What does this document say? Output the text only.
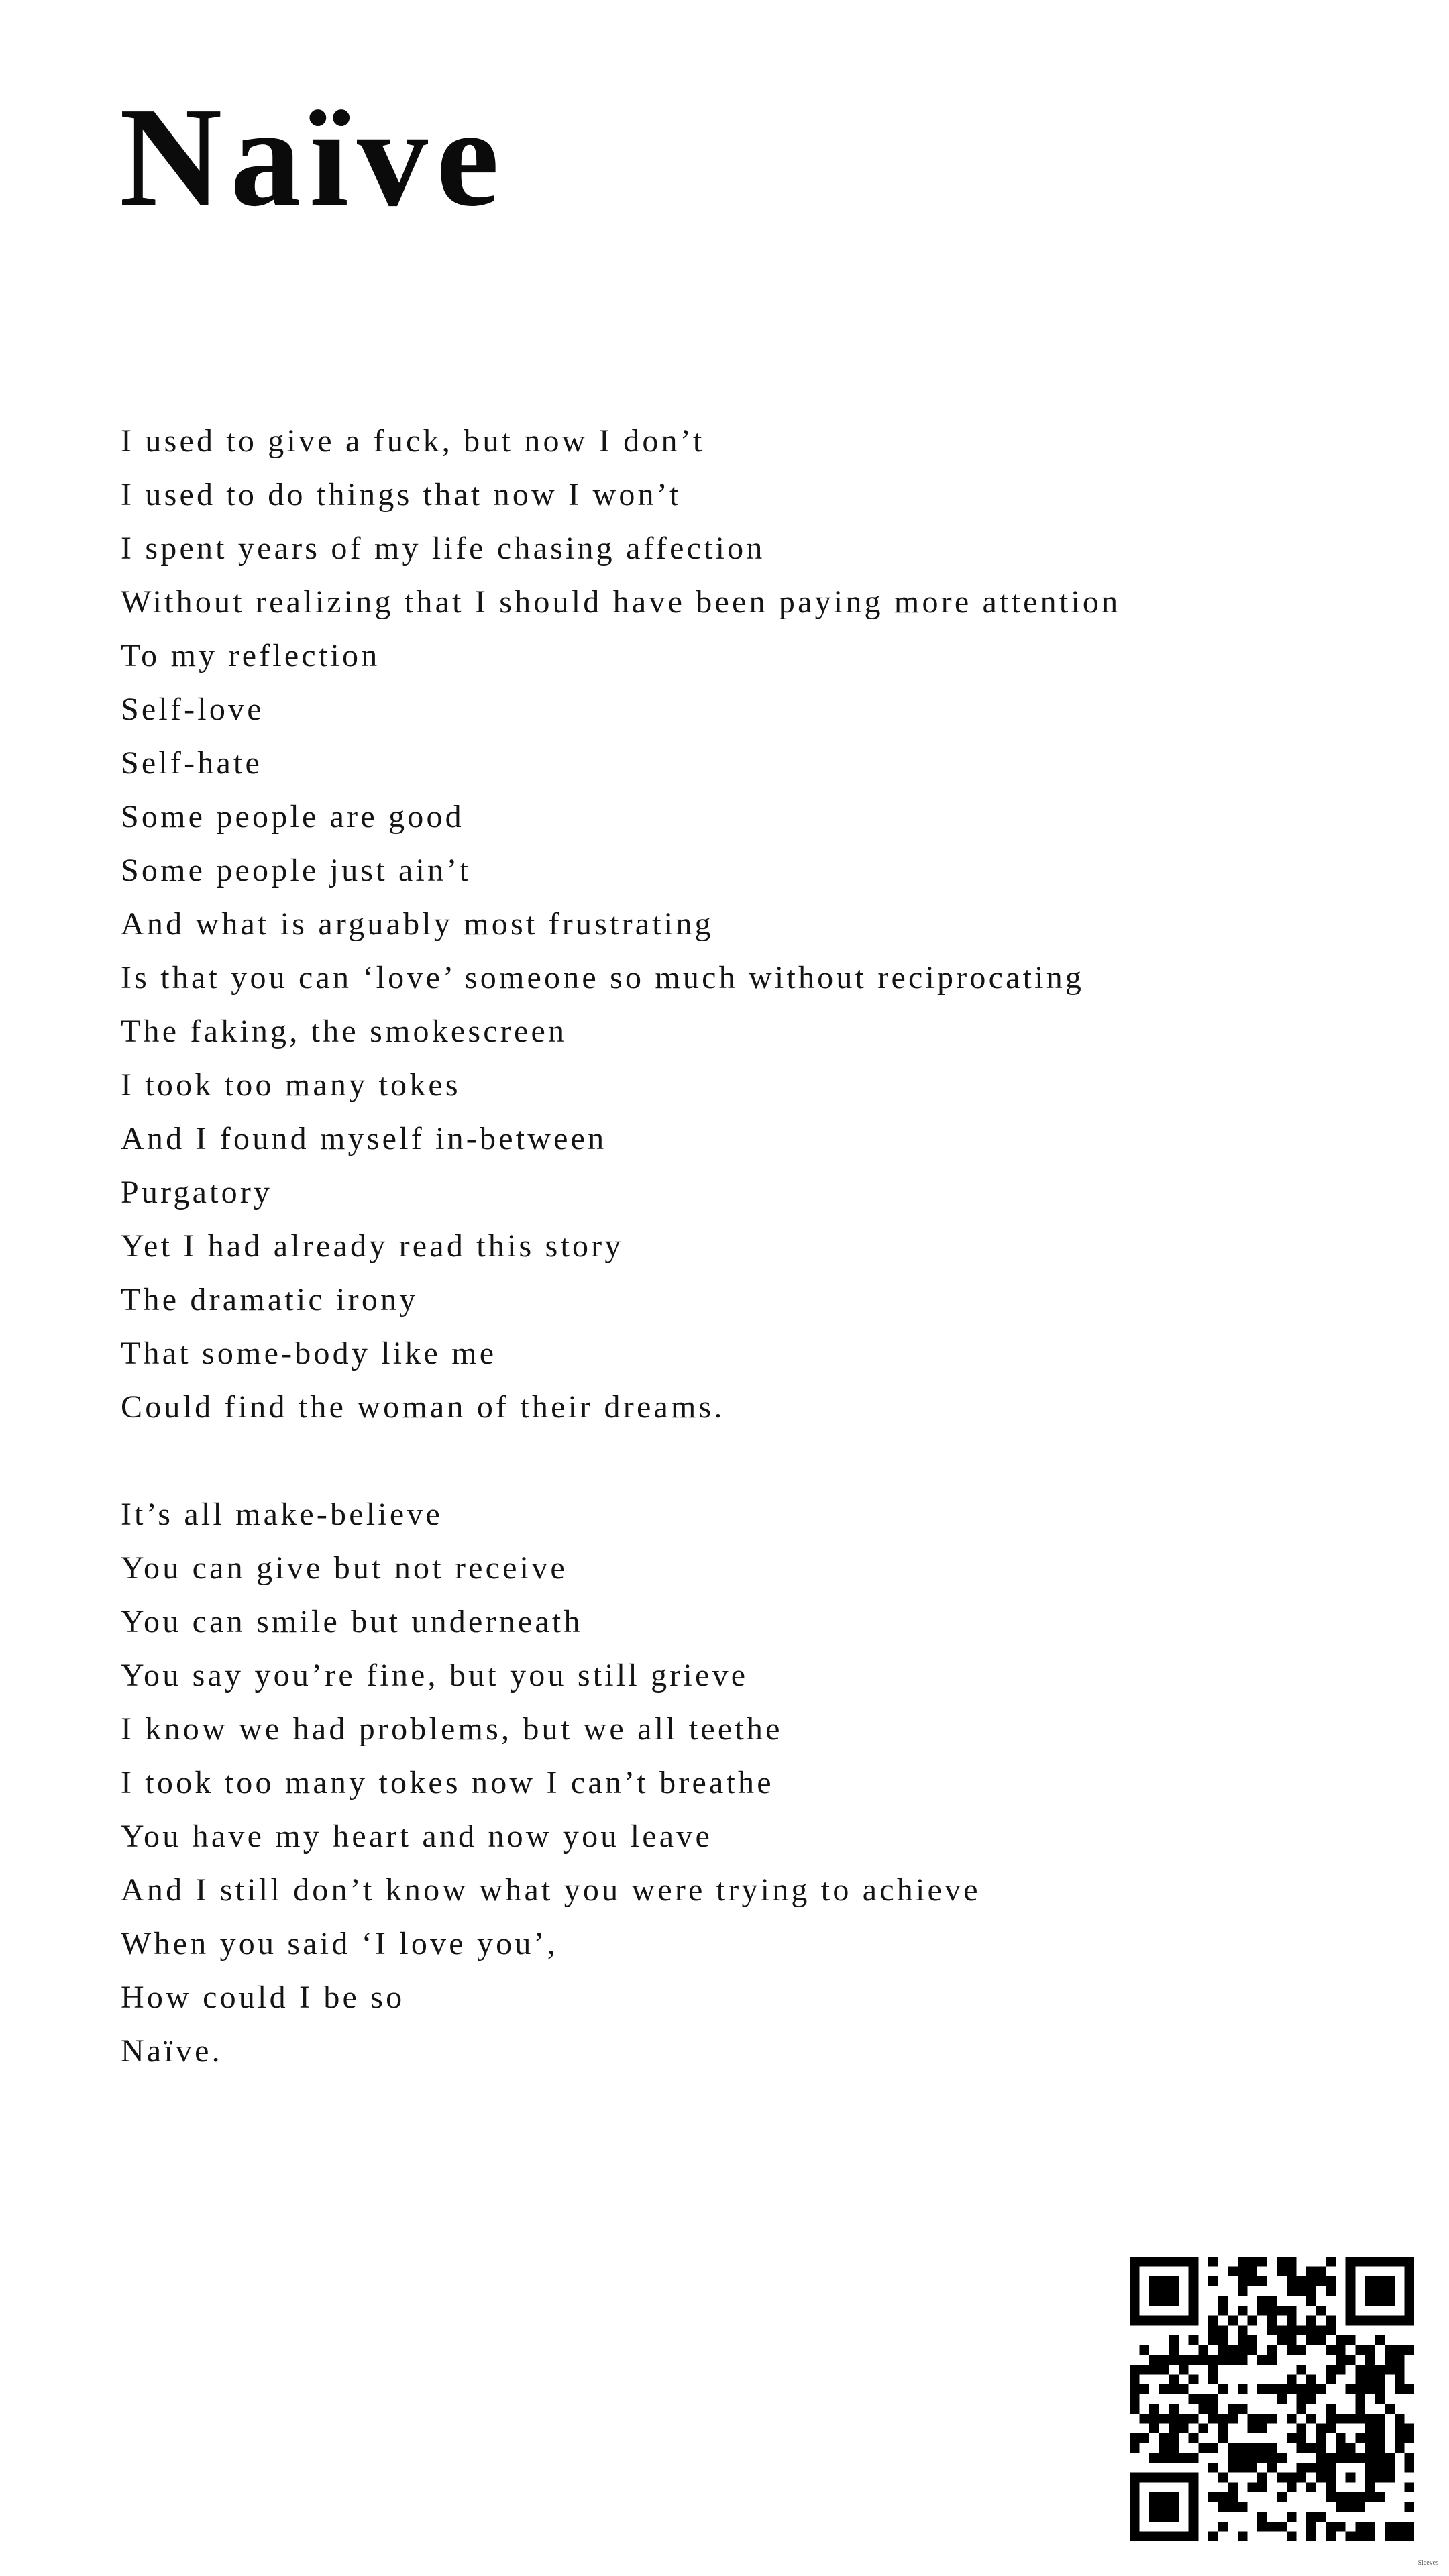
Naïve
I used to give a fuck, but now I don’t
I used to do things that now I won’t
I spent years of my life chasing affection
Without realizing that I should have been paying more attention
To my reflection
Self-love
Self-hate
Some people are good
Some people just ain’t
And what is arguably most frustrating
Is that you can ‘love’ someone so much without reciprocating
The faking, the smokescreen
I took too many tokes
And I found myself in-between
Purgatory
Yet I had already read this story
The dramatic irony
That some-body like me
Could find the woman of their dreams.
It’s all make-believe
You can give but not receive
You can smile but underneath
You say you’re fine, but you still grieve
I know we had problems, but we all teethe
I took too many tokes now I can’t breathe
You have my heart and now you leave
And I still don’t know what you were trying to achieve
When you said ‘I love you’,
How could I be so
Naïve.
Sleeves
